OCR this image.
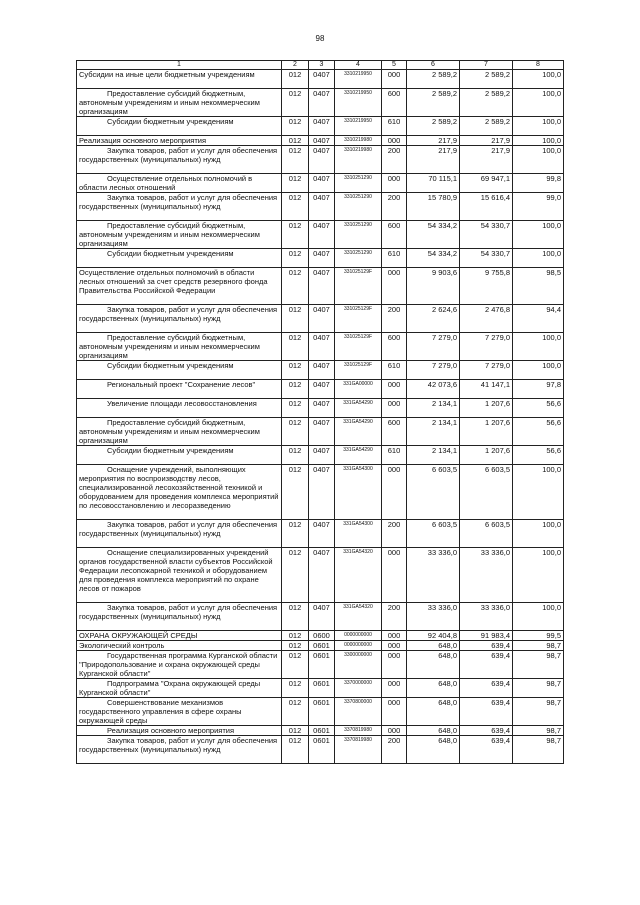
98
1	2	3	4	5	6	7	8
Субсидии на иные цели бюджетным учреждениям	012	0407	3310219950	000	2 589,2	2 589,2	100,0
Предоставление субсидий бюджетным, автономным учреждениям и иным некоммерческим организациям	012	0407	3310219950	600	2 589,2	2 589,2	100,0
Субсидии бюджетным учреждениям	012	0407	3310219950	610	2 589,2	2 589,2	100,0
Реализация основного мероприятия	012	0407	3310219980	000	217,9	217,9	100,0
Закупка товаров, работ и услуг для обеспечения государственных (муниципальных) нужд	012	0407	3310219980	200	217,9	217,9	100,0
Осуществление отдельных полномочий в области лесных отношений	012	0407	3310251290	000	70 115,1	69 947,1	99,8
Закупка товаров, работ и услуг для обеспечения государственных (муниципальных) нужд	012	0407	3310251290	200	15 780,9	15 616,4	99,0
Предоставление субсидий бюджетным, автономным учреждениям и иным некоммерческим организациям	012	0407	3310251290	600	54 334,2	54 330,7	100,0
Субсидии бюджетным учреждениям	012	0407	3310251290	610	54 334,2	54 330,7	100,0
Осуществление отдельных полномочий в области лесных отношений за счет средств резервного фонда Правительства Российской Федерации	012	0407	331025129F	000	9 903,6	9 755,8	98,5
Закупка товаров, работ и услуг для обеспечения государственных (муниципальных) нужд	012	0407	331025129F	200	2 624,6	2 476,8	94,4
Предоставление субсидий бюджетным, автономным учреждениям и иным некоммерческим организациям	012	0407	331025129F	600	7 279,0	7 279,0	100,0
Субсидии бюджетным учреждениям	012	0407	331025129F	610	7 279,0	7 279,0	100,0
Региональный проект "Сохранение лесов"	012	0407	331GA00000	000	42 073,6	41 147,1	97,8
Увеличение площади лесовосстановления	012	0407	331GA54290	000	2 134,1	1 207,6	56,6
Предоставление субсидий бюджетным, автономным учреждениям и иным некоммерческим организациям	012	0407	331GA54290	600	2 134,1	1 207,6	56,6
Субсидии бюджетным учреждениям	012	0407	331GA54290	610	2 134,1	1 207,6	56,6
Оснащение учреждений, выполняющих мероприятия по воспроизводству лесов, специализированной лесохозяйственной техникой и оборудованием для проведения комплекса мероприятий по лесовосстановлению и лесоразведению	012	0407	331GA54300	000	6 603,5	6 603,5	100,0
Закупка товаров, работ и услуг для обеспечения государственных (муниципальных) нужд	012	0407	331GA54300	200	6 603,5	6 603,5	100,0
Оснащение специализированных учреждений органов государственной власти субъектов Российской Федерации лесопожарной техникой и оборудованием для проведения комплекса мероприятий по охране лесов от пожаров	012	0407	331GA54320	000	33 336,0	33 336,0	100,0
Закупка товаров, работ и услуг для обеспечения государственных (муниципальных) нужд	012	0407	331GA54320	200	33 336,0	33 336,0	100,0
ОХРАНА ОКРУЖАЮЩЕЙ СРЕДЫ	012	0600	0000000000	000	92 404,8	91 983,4	99,5
Экологический контроль	012	0601	0000000000	000	648,0	639,4	98,7
Государственная программа Курганской области "Природопользование и охрана окружающей среды Курганской области"	012	0601	3300000000	000	648,0	639,4	98,7
Подпрограмма "Охрана окружающей среды Курганской области"	012	0601	3370000000	000	648,0	639,4	98,7
Совершенствование механизмов государственного управления в сфере охраны окружающей среды	012	0601	3370800000	000	648,0	639,4	98,7
Реализация основного мероприятия	012	0601	3370819980	000	648,0	639,4	98,7
Закупка товаров, работ и услуг для обеспечения государственных (муниципальных) нужд	012	0601	3370819980	200	648,0	639,4	98,7
